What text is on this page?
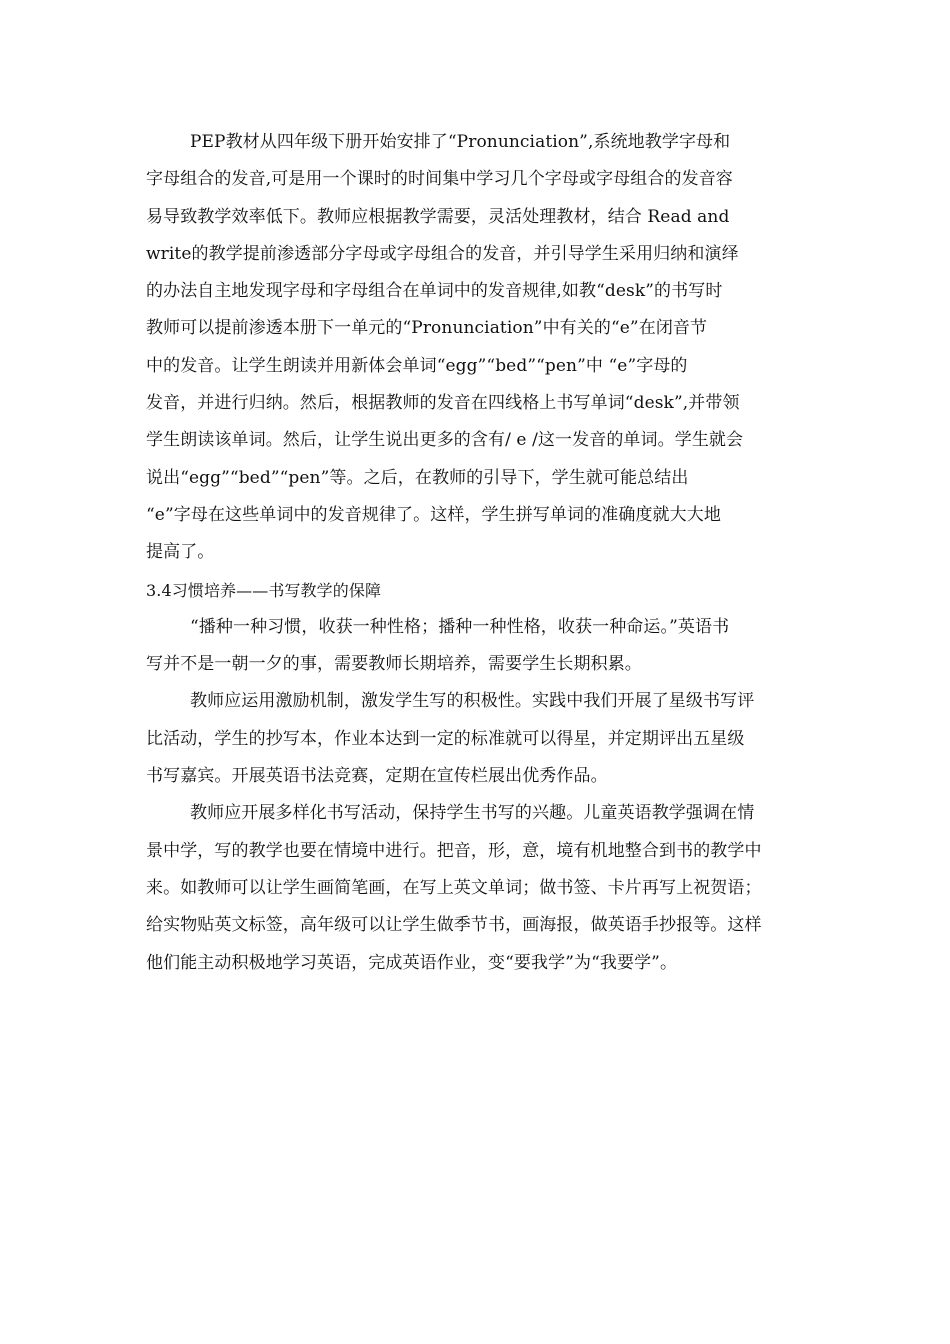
PEP教材从四年级下册开始安排了“Pronunciation”,系统地教学字母和
字母组合的发音,可是用一个课时的时间集中学习几个字母或字母组合的发音容
易导致教学效率低下。教师应根据教学需要，灵活处理教材，结合 Read and
write的教学提前渗透部分字母或字母组合的发音，并引导学生采用归纳和演绎
的办法自主地发现字母和字母组合在单词中的发音规律,如教“desk”的书写时
教师可以提前渗透本册下一单元的“Pronunciation”中有关的“e”在闭音节
中的发音。让学生朗读并用新体会单词“egg”“bed”“pen”中 “e”字母的
发音，并进行归纳。然后，根据教师的发音在四线格上书写单词“desk”,并带领
学生朗读该单词。然后，让学生说出更多的含有/ e /这一发音的单词。学生就会
说出“egg”“bed”“pen”等。之后，在教师的引导下，学生就可能总结出
“e”字母在这些单词中的发音规律了。这样，学生拼写单词的准确度就大大地
提高了。
3.4习惯培养——书写教学的保障
“播种一种习惯，收获一种性格；播种一种性格，收获一种命运。”英语书
写并不是一朝一夕的事，需要教师长期培养，需要学生长期积累。
教师应运用激励机制，激发学生写的积极性。实践中我们开展了星级书写评
比活动，学生的抄写本，作业本达到一定的标准就可以得星，并定期评出五星级
书写嘉宾。开展英语书法竞赛，定期在宣传栏展出优秀作品。
教师应开展多样化书写活动，保持学生书写的兴趣。儿童英语教学强调在情
景中学，写的教学也要在情境中进行。把音，形，意，境有机地整合到书的教学中
来。如教师可以让学生画简笔画，在写上英文单词；做书签、卡片再写上祝贺语；
给实物贴英文标签，高年级可以让学生做季节书，画海报，做英语手抄报等。这样
他们能主动积极地学习英语，完成英语作业，变“要我学”为“我要学”。
